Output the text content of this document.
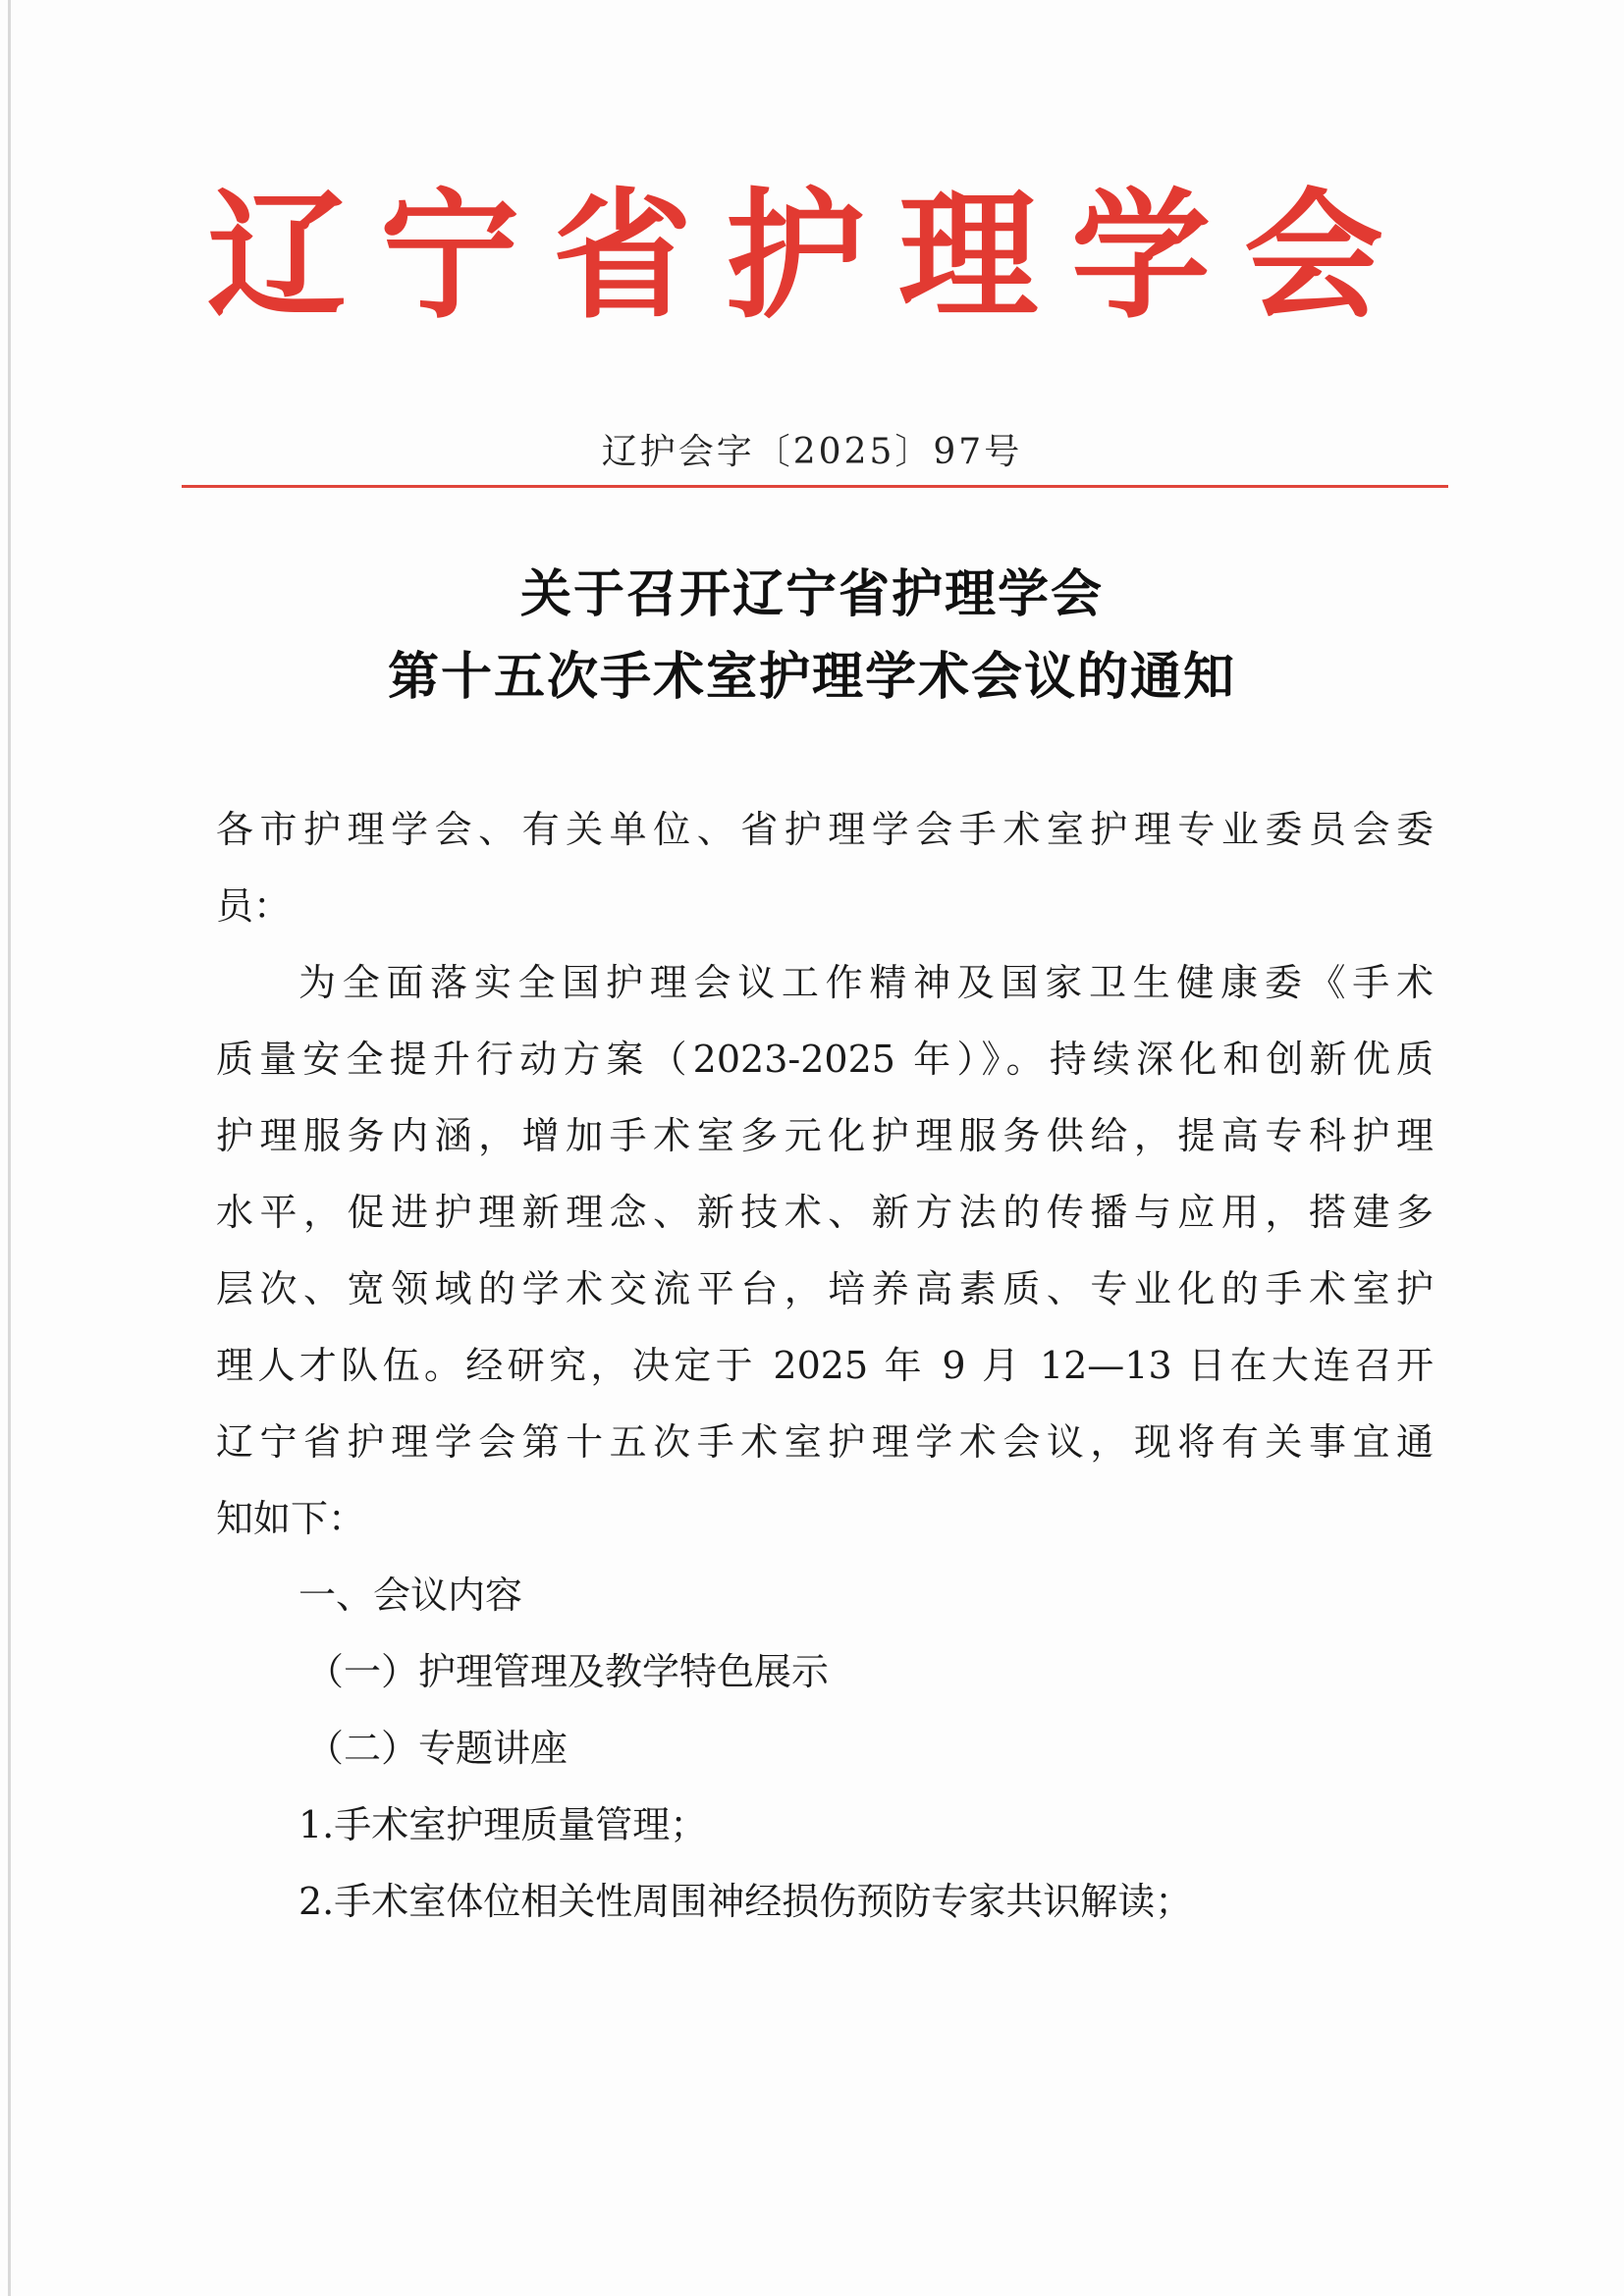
辽宁省护理学会
辽护会字〔2025〕97号
关于召开辽宁省护理学会
第十五次手术室护理学术会议的通知
各市护理学会、有关单位、省护理学会手术室护理专业委员会委
员：
为全面落实全国护理会议工作精神及国家卫生健康委《手术
质量安全提升行动方案（2023-2025 年）》。持续深化和创新优质
护理服务内涵，增加手术室多元化护理服务供给，提高专科护理
水平，促进护理新理念、新技术、新方法的传播与应用，搭建多
层次、宽领域的学术交流平台，培养高素质、专业化的手术室护
理人才队伍。经研究，决定于 2025 年 9 月 12—13 日在大连召开
辽宁省护理学会第十五次手术室护理学术会议，现将有关事宜通
知如下：
一、会议内容
（一）护理管理及教学特色展示
（二）专题讲座
1.手术室护理质量管理；
2.手术室体位相关性周围神经损伤预防专家共识解读；
